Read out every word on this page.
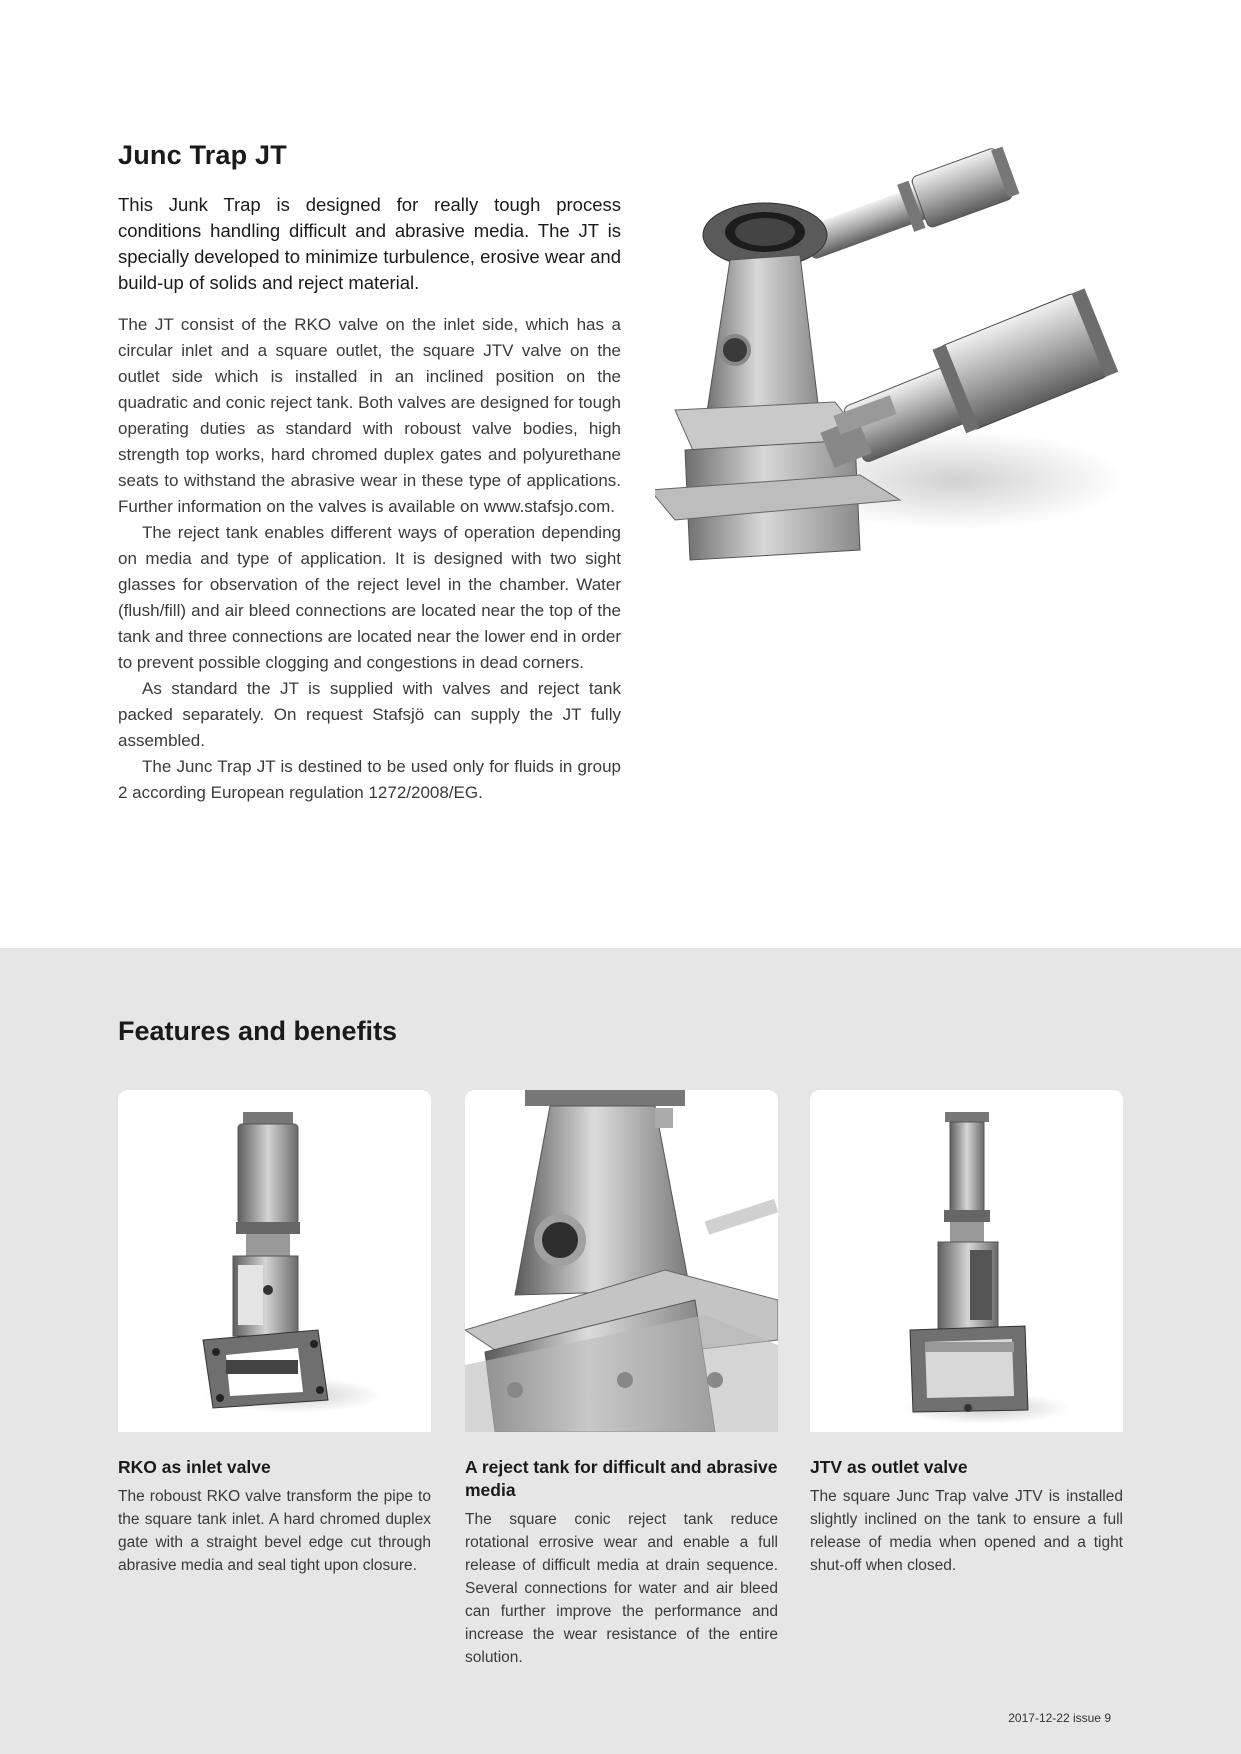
Junc Trap JT

This Junk Trap is designed for really tough process conditions handling difficult and abrasive media. The JT is specially developed to minimize turbulence, erosive wear and build-up of solids and reject material.

The JT consist of the RKO valve on the inlet side, which has a circular inlet and a square outlet, the square JTV valve on the outlet side which is installed in an inclined position on the quadratic and conic reject tank. Both valves are designed for tough operating duties as standard with roboust valve bodies, high strength top works, hard chromed duplex gates and polyurethane seats to withstand the abrasive wear in these type of applications. Further information on the valves is available on www.stafsjo.com.

The reject tank enables different ways of operation depending on media and type of application. It is designed with two sight glasses for observation of the reject level in the chamber. Water (flush/fill) and air bleed connections are located near the top of the tank and three connections are located near the lower end in order to prevent possible clogging and congestions in dead corners.

As standard the JT is supplied with valves and reject tank packed separately. On request Stafsjö can supply the JT fully assembled.

The Junc Trap JT is destined to be used only for fluids in group 2 according European regulation 1272/2008/EG.

Features and benefits
RKO as inlet valve

The roboust RKO valve transform the pipe to the square tank inlet. A hard chromed duplex gate with a straight bevel edge cut through abrasive media and seal tight upon closure.

A reject tank for difficult and abrasive media

The square conic reject tank reduce rotational errosive wear and enable a full release of difficult media at drain sequence. Several connections for water and air bleed can further improve the performance and increase the wear resistance of the entire solution.

JTV as outlet valve

The square Junc Trap valve JTV is installed slightly inclined on the tank to ensure a full release of media when opened and a tight shut-off when closed.

2017-12-22 issue 9
